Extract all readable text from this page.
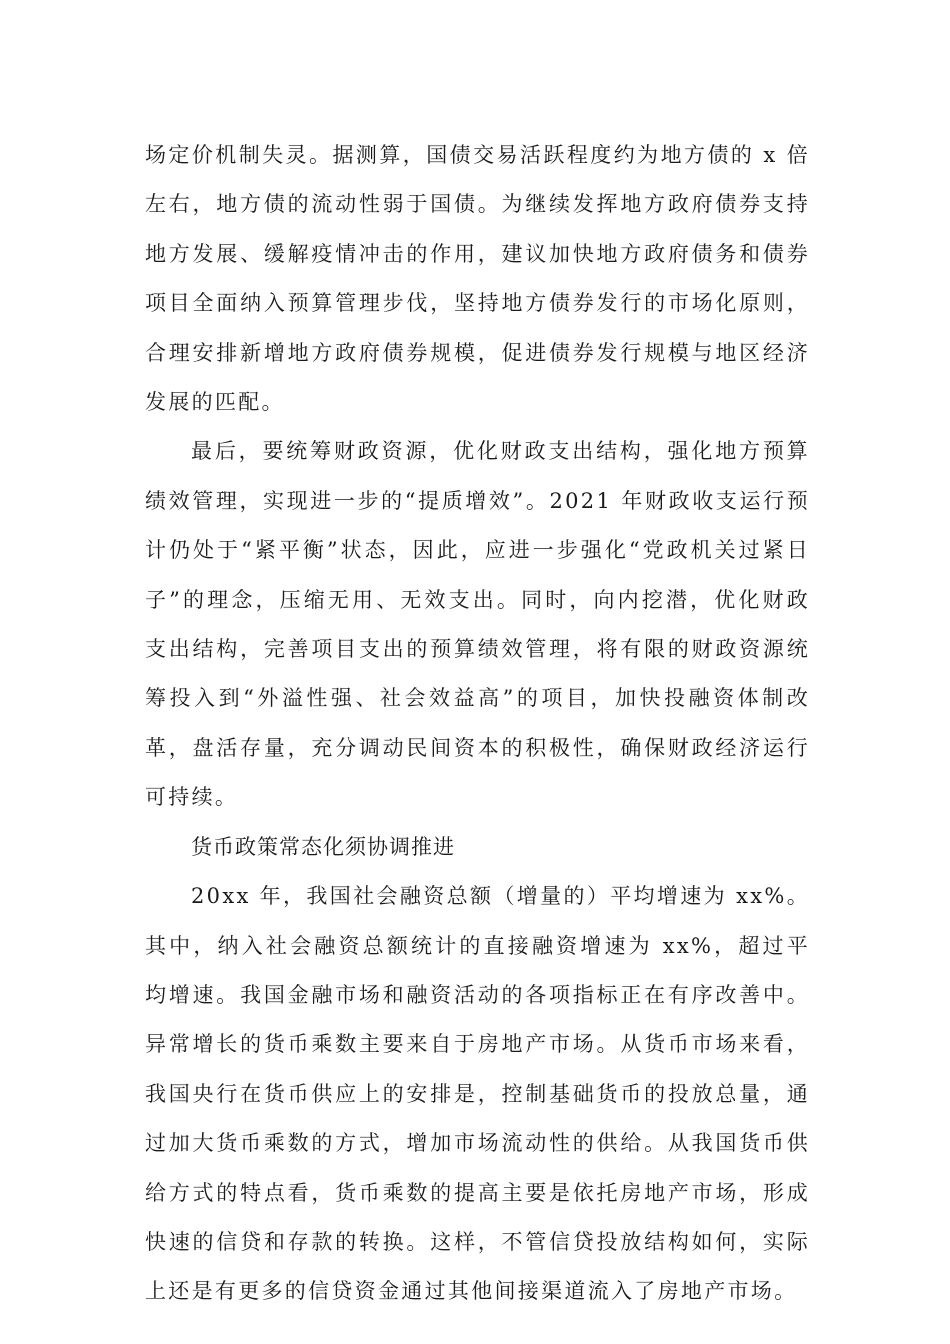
场定价机制失灵。据测算，国债交易活跃程度约为地方债的 x 倍左右，地方债的流动性弱于国债。为继续发挥地方政府债券支持地方发展、缓解疫情冲击的作用，建议加快地方政府债务和债券项目全面纳入预算管理步伐，坚持地方债券发行的市场化原则，合理安排新增地方政府债券规模，促进债券发行规模与地区经济发展的匹配。

最后，要统筹财政资源，优化财政支出结构，强化地方预算绩效管理，实现进一步的“提质增效”。2021 年财政收支运行预计仍处于“紧平衡”状态，因此，应进一步强化“党政机关过紧日子”的理念，压缩无用、无效支出。同时，向内挖潜，优化财政支出结构，完善项目支出的预算绩效管理，将有限的财政资源统筹投入到“外溢性强、社会效益高”的项目，加快投融资体制改革，盘活存量，充分调动民间资本的积极性，确保财政经济运行可持续。

货币政策常态化须协调推进

20xx 年，我国社会融资总额（增量的）平均增速为 xx%。其中，纳入社会融资总额统计的直接融资增速为 xx%，超过平均增速。我国金融市场和融资活动的各项指标正在有序改善中。异常增长的货币乘数主要来自于房地产市场。从货币市场来看，我国央行在货币供应上的安排是，控制基础货币的投放总量，通过加大货币乘数的方式，增加市场流动性的供给。从我国货币供给方式的特点看，货币乘数的提高主要是依托房地产市场，形成快速的信贷和存款的转换。这样，不管信贷投放结构如何，实际上还是有更多的信贷资金通过其他间接渠道流入了房地产市场。
